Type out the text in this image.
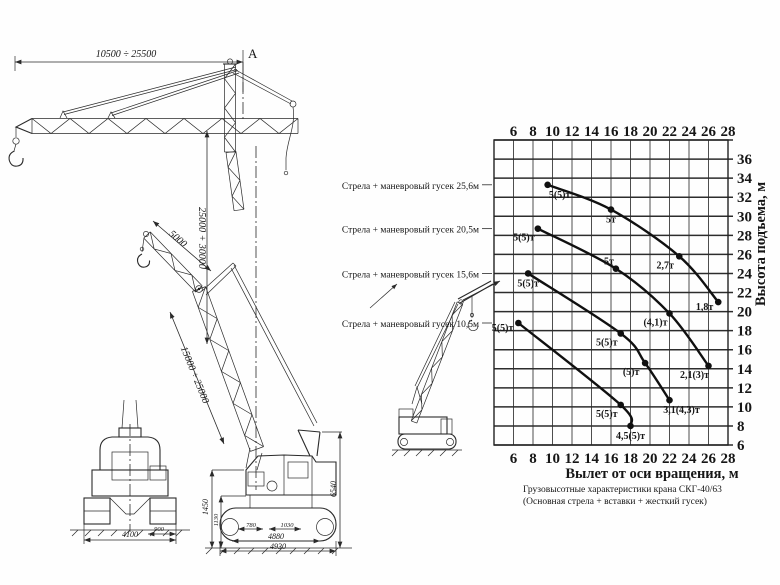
10500 ÷ 25500	А
25000 + 30000
5000
15000 ÷ 25000
780	1030
4880
4930
1450
1130
6540
4100
900
6
6
8
8
10
10
12
12
14
14
16
16
18
18
20
20
22
22
24
24
26
26
28
28
6
8
10
12
14
16
18
20
22
24
26
28
30
32
34
36
5(5)т
5т
2,7т
1,8т
Стрела + маневровый гусек 25,6м
5(5)т
5т
(4,1)т
2,1(3)т
Стрела + маневровый гусек 20,5м
5(5)т
5(5)т
(5)т
3,1(4,3)т
Стрела + маневровый гусек 15,6м
5(5)т
5(5)т
4,5(5)т
Стрела + маневровый гусек 10,5м
Вылет от оси вращения, м
Высота подъема, м
Грузовысотные характеристики крана СКГ-40/63
(Основная стрела + вставки + жесткий гусек)
